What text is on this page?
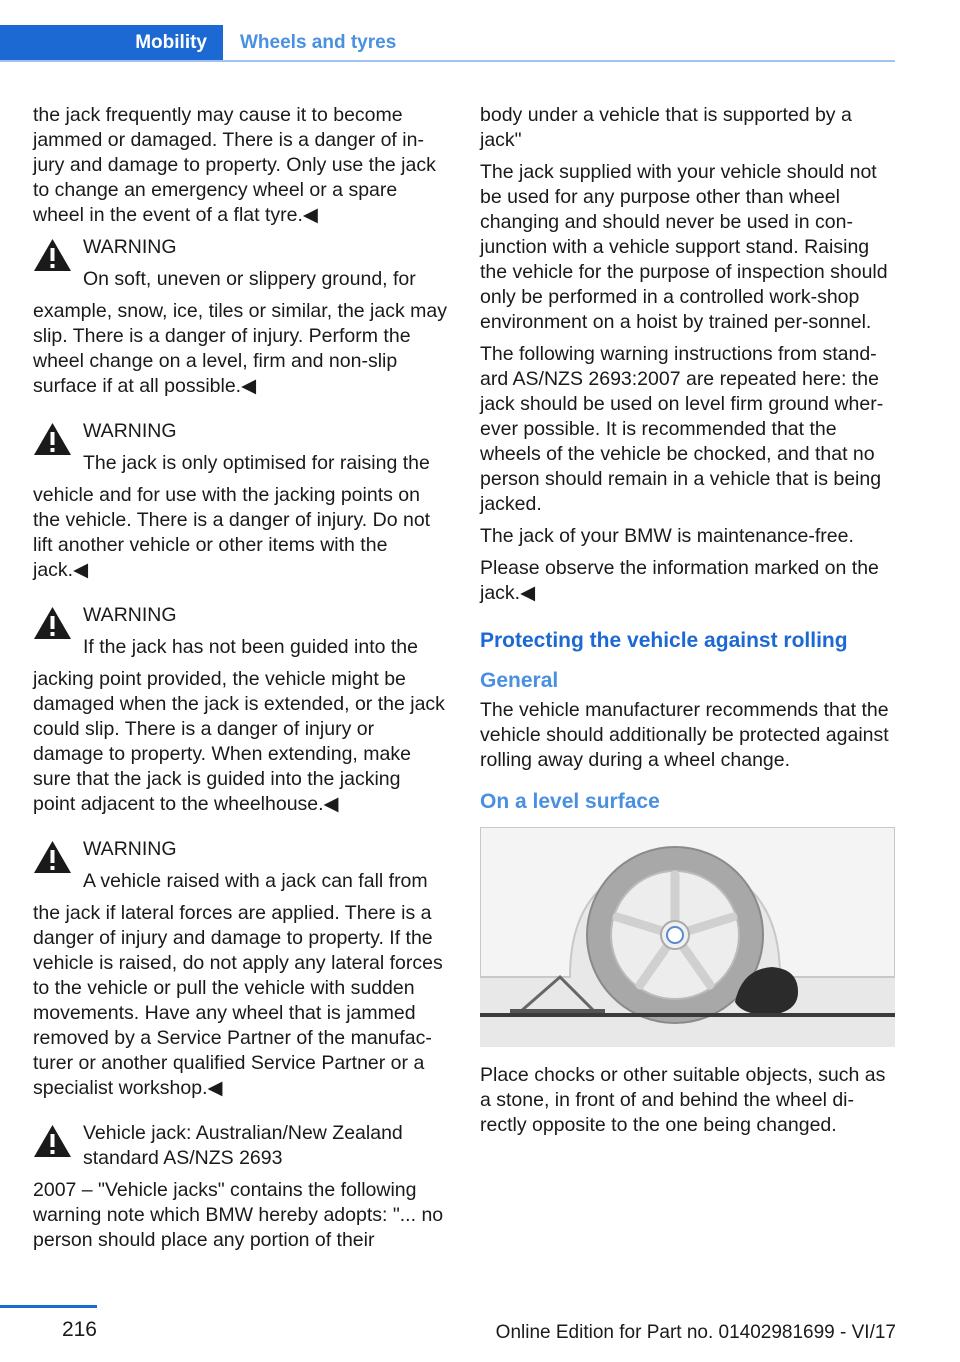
Mobility	Wheels and tyres

the jack frequently may cause it to become jammed or damaged. There is a danger of in‐jury and damage to property. Only use the jack to change an emergency wheel or a spare wheel in the event of a flat tyre.◀

WARNING

On soft, uneven or slippery ground, for

example, snow, ice, tiles or similar, the jack may slip. There is a danger of injury. Perform the wheel change on a level, firm and non-slip surface if at all possible.◀

WARNING

The jack is only optimised for raising the

vehicle and for use with the jacking points on the vehicle. There is a danger of injury. Do not lift another vehicle or other items with the jack.◀

WARNING

If the jack has not been guided into the

jacking point provided, the vehicle might be damaged when the jack is extended, or the jack could slip. There is a danger of injury or damage to property. When extending, make sure that the jack is guided into the jacking point adjacent to the wheelhouse.◀

WARNING

A vehicle raised with a jack can fall from

the jack if lateral forces are applied. There is a danger of injury and damage to property. If the vehicle is raised, do not apply any lateral forces to the vehicle or pull the vehicle with sudden movements. Have any wheel that is jammed removed by a Service Partner of the manufac‐turer or another qualified Service Partner or a specialist workshop.◀

Vehicle jack: Australian/New Zealand standard AS/NZS 2693

2007 – "Vehicle jacks" contains the following warning note which BMW hereby adopts: "... no person should place any portion of their

body under a vehicle that is supported by a jack"

The jack supplied with your vehicle should not be used for any purpose other than wheel changing and should never be used in con‐junction with a vehicle support stand. Raising the vehicle for the purpose of inspection should only be performed in a controlled work‐shop environment on a hoist by trained per‐sonnel.

The following warning instructions from stand‐ard AS/NZS 2693:2007 are repeated here: the jack should be used on level firm ground wher‐ever possible. It is recommended that the wheels of the vehicle be chocked, and that no person should remain in a vehicle that is being jacked.

The jack of your BMW is maintenance-free.

Please observe the information marked on the jack.◀

Protecting the vehicle against rolling
General

The vehicle manufacturer recommends that the vehicle should additionally be protected against rolling away during a wheel change.

On a level surface

Place chocks or other suitable objects, such as a stone, in front of and behind the wheel di‐rectly opposite to the one being changed.

216	Online Edition for Part no. 01402981699 - VI/17
